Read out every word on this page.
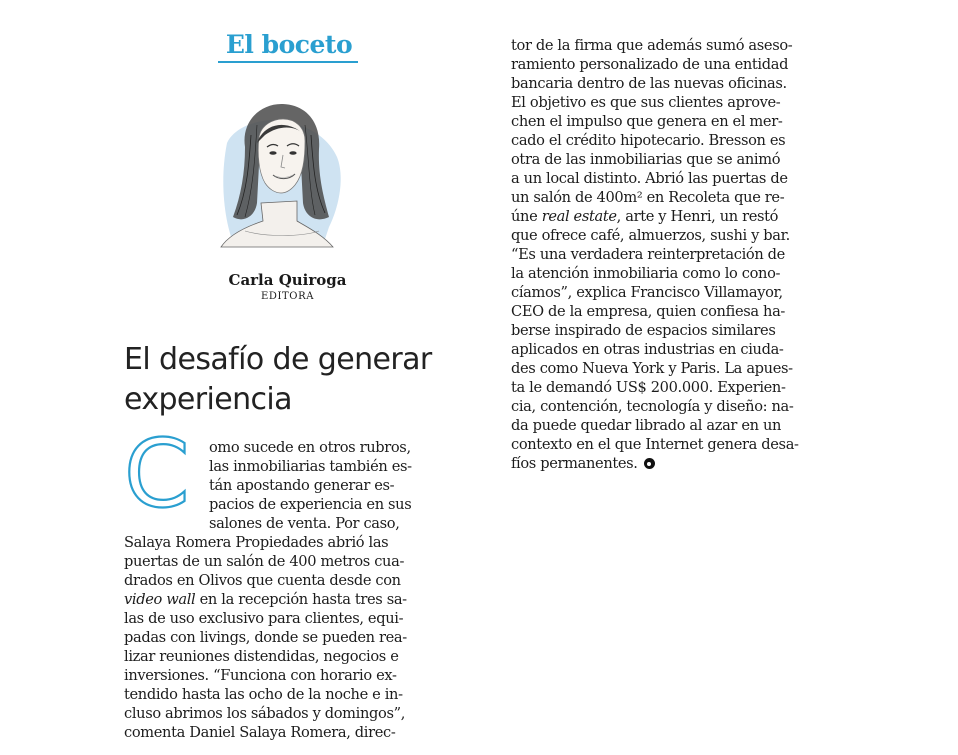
El boceto
Carla Quiroga
EDITORA
El desafío de generar experiencia
C omo sucede en otros rubros,
las inmobiliarias también es-
tán apostando generar es-
pacios de experiencia en sus
salones de venta. Por caso,
Salaya Romera Propiedades abrió las
puertas de un salón de 400 metros cua-
drados en Olivos que cuenta desde con
video wall en la recepción hasta tres sa-
las de uso exclusivo para clientes, equi-
padas con livings, donde se pueden rea-
lizar reuniones distendidas, negocios e
inversiones. “Funciona con horario ex-
tendido hasta las ocho de la noche e in-
cluso abrimos los sábados y domingos”,
comenta Daniel Salaya Romera, direc-
tor de la firma que además sumó aseso-
ramiento personalizado de una entidad
bancaria dentro de las nuevas oficinas.
El objetivo es que sus clientes aprove-
chen el impulso que genera en el mer-
cado el crédito hipotecario. Bresson es
otra de las inmobiliarias que se animó
a un local distinto. Abrió las puertas de
un salón de 400m² en Recoleta que re-
úne real estate, arte y Henri, un restó
que ofrece café, almuerzos, sushi y bar.
“Es una verdadera reinterpretación de
la atención inmobiliaria como lo cono-
cíamos”, explica Francisco Villamayor,
CEO de la empresa, quien confiesa ha-
berse inspirado de espacios similares
aplicados en otras industrias en ciuda-
des como Nueva York y Paris. La apues-
ta le demandó US$ 200.000. Experien-
cia, contención, tecnología y diseño: na-
da puede quedar librado al azar en un
contexto en el que Internet genera desa-
fíos permanentes.
